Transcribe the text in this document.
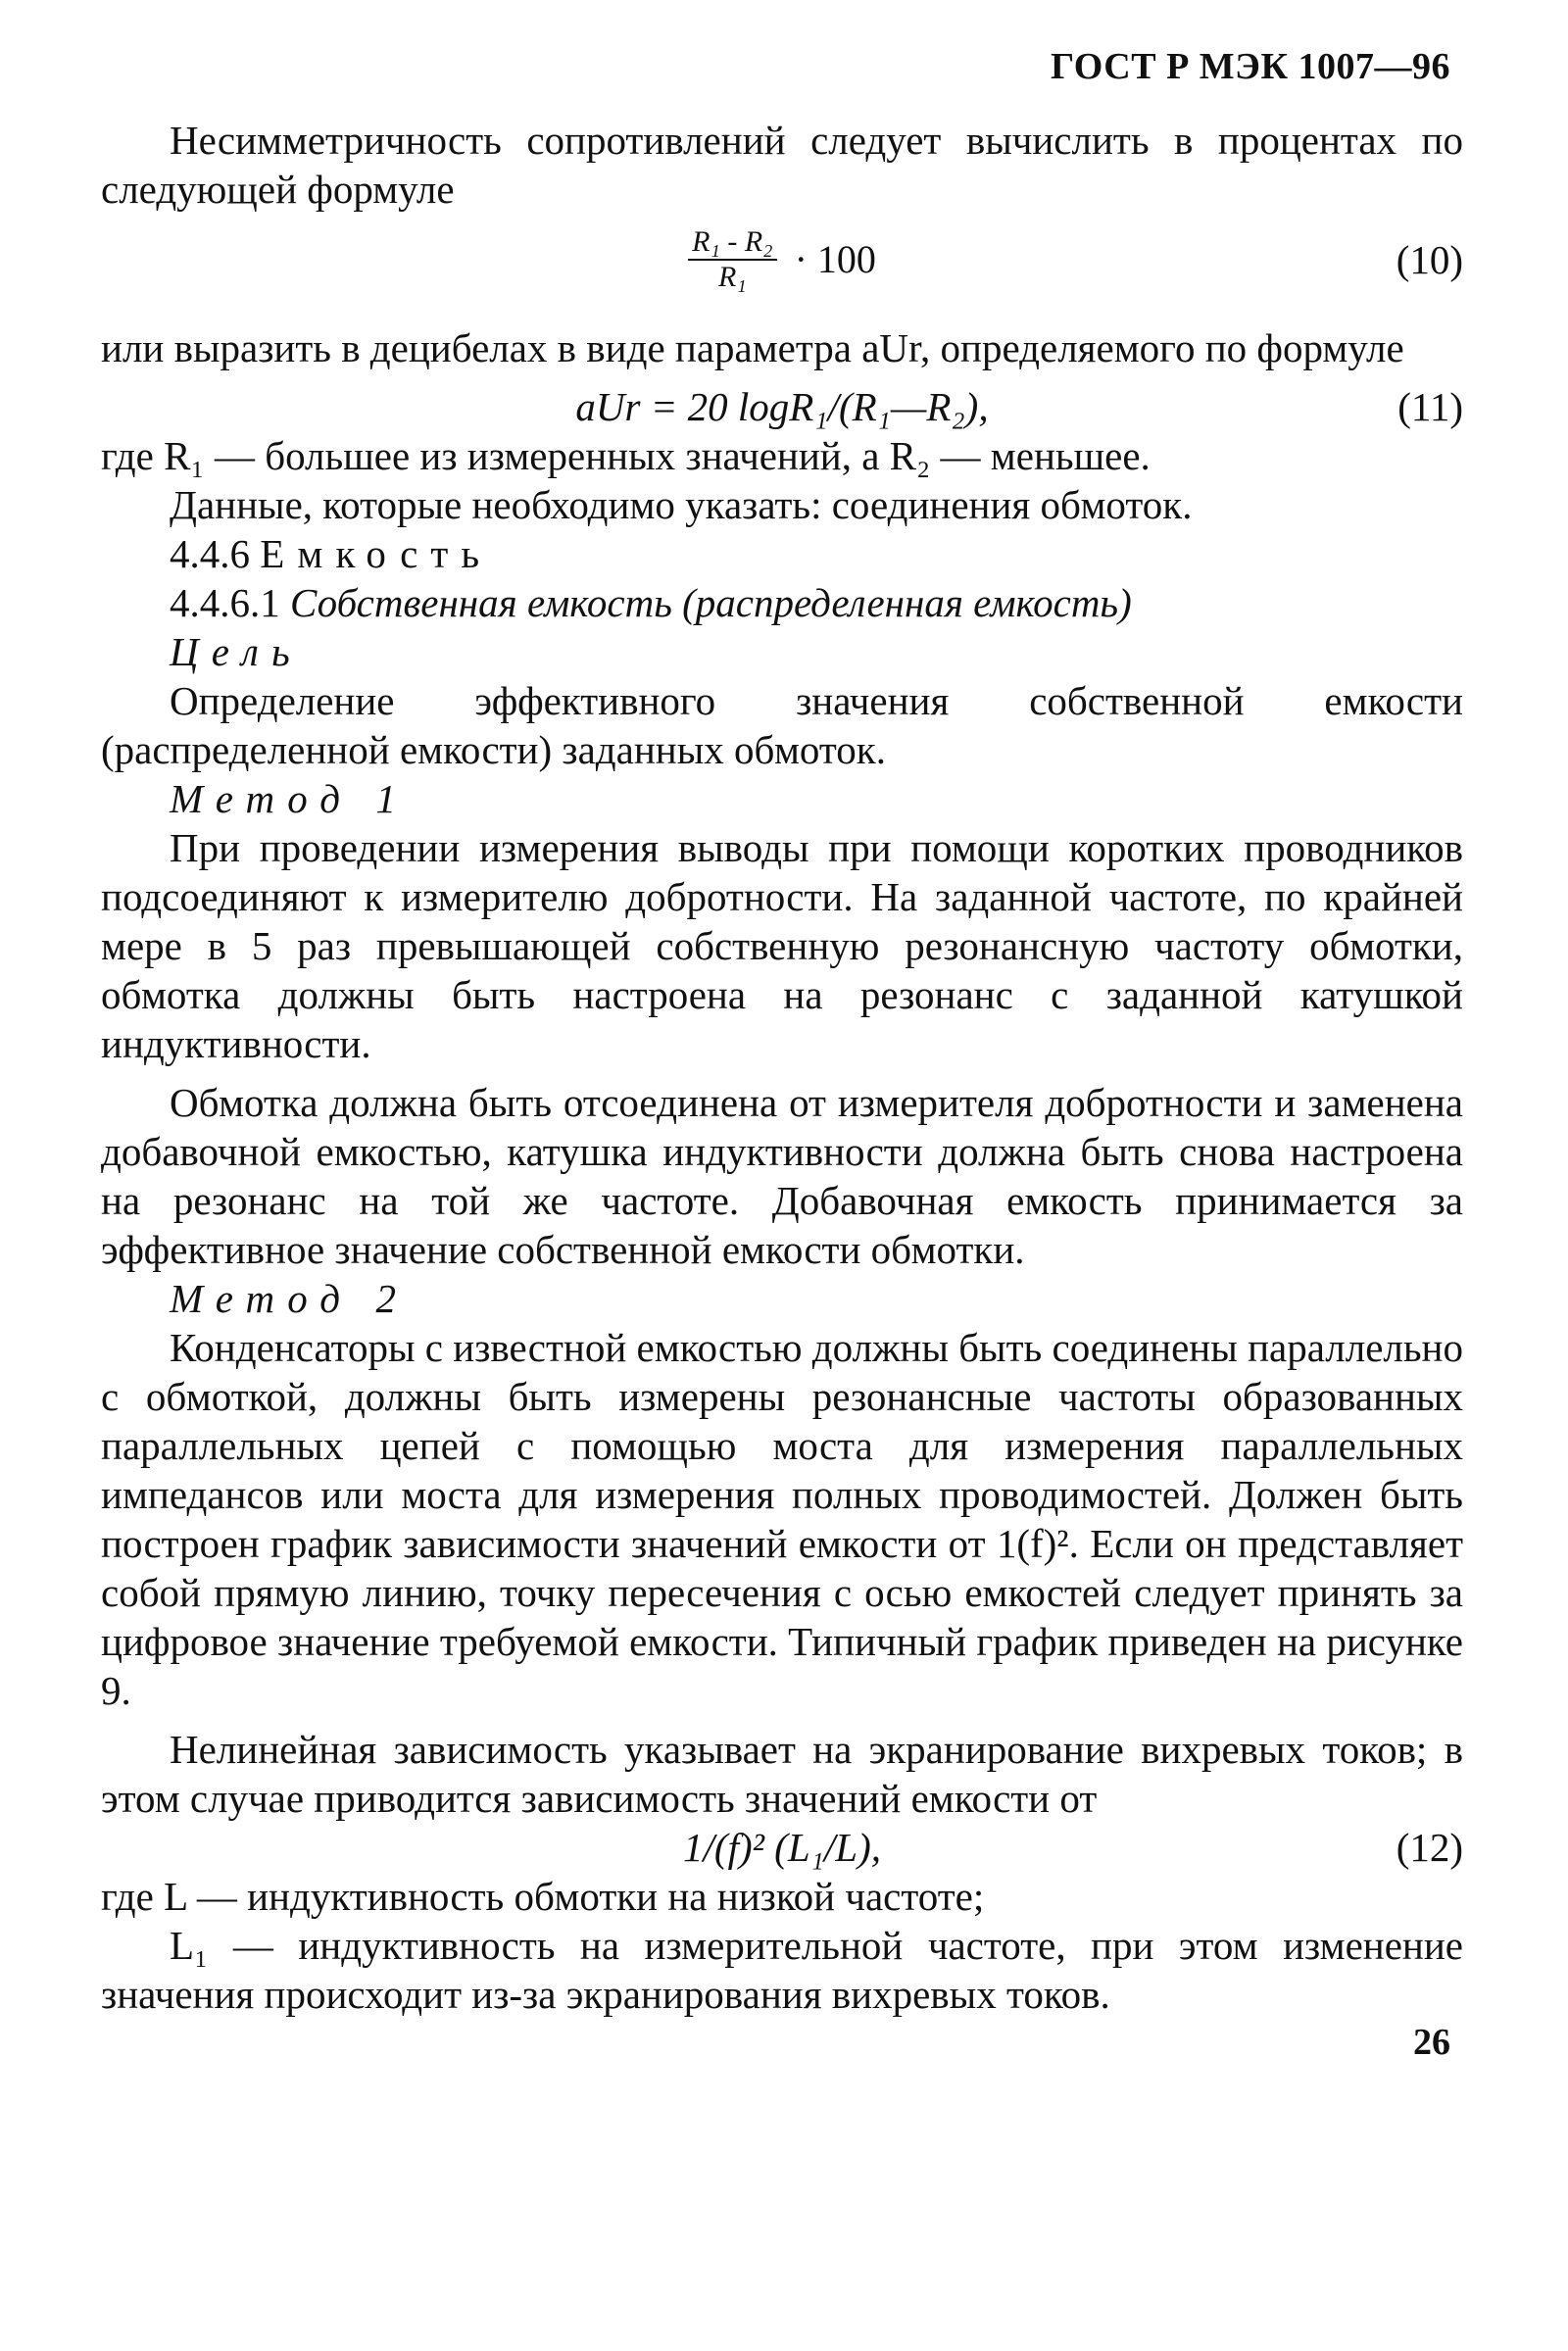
ГОСТ Р МЭК 1007—96

Несимметричность сопротивлений следует вычислить в процентах по следующей формуле

$\frac{\text{R₁ - R₂}}{\text{R₁}} \cdot 100$	(10)

или выразить в децибелах в виде параметра aUr, определяемого по формуле

aUr = 20 logR₁/(R₁—R₂),	(11)

где R₁ — большее из измеренных значений, а R₂ — меньшее.

Данные, которые необходимо указать: соединения обмоток.

4.4.6 Емкость

4.4.6.1 Собственная емкость (распределенная емкость)

Цель

Определение эффективного значения собственной емкости (распределенной емкости) заданных обмоток.

Метод 1

При проведении измерения выводы при помощи коротких проводников подсоединяют к измерителю добротности. На заданной частоте, по крайней мере в 5 раз превышающей собственную резонансную частоту обмотки, обмотка должны быть настроена на резонанс с заданной катушкой индуктивности.

Обмотка должна быть отсоединена от измерителя добротности и заменена добавочной емкостью, катушка индуктивности должна быть снова настроена на резонанс на той же частоте. Добавочная емкость принимается за эффективное значение собственной емкости обмотки.

Метод 2

Конденсаторы с известной емкостью должны быть соединены параллельно с обмоткой, должны быть измерены резонансные частоты образованных параллельных цепей с помощью моста для измерения параллельных импедансов или моста для измерения полных проводимостей. Должен быть построен график зависимости значений емкости от 1(f)². Если он представляет собой прямую линию, точку пересечения с осью емкостей следует принять за цифровое значение требуемой емкости. Типичный график приведен на рисунке 9.

Нелинейная зависимость указывает на экранирование вихревых токов; в этом случае приводится зависимость значений емкости от

1/(f)² (L₁/L),	(12)

где L — индуктивность обмотки на низкой частоте;

L₁ — индуктивность на измерительной частоте, при этом изменение значения происходит из-за экранирования вихревых токов.

26
